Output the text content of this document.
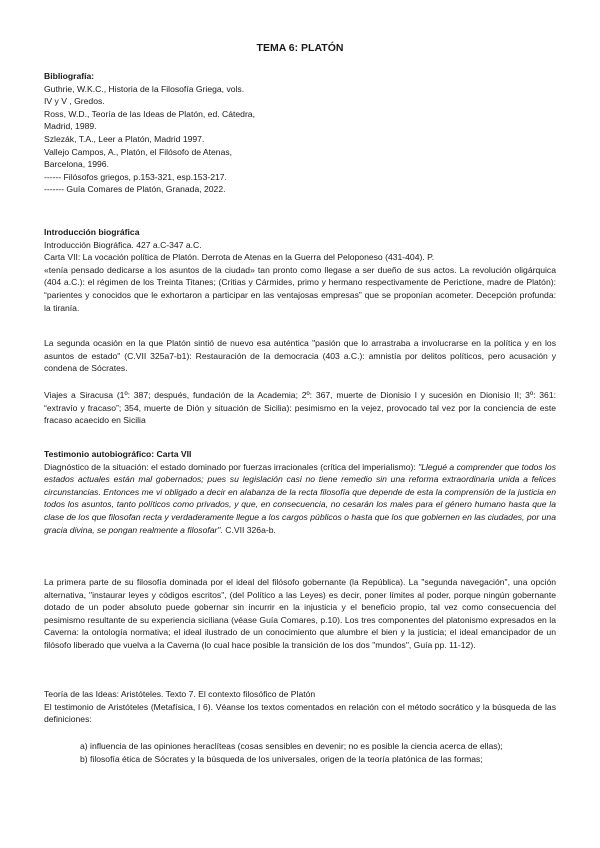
TEMA 6: PLATÓN
Bibliografía:
Guthrie, W.K.C., Historia de la Filosofía Griega, vols.
IV y V , Gredos.
Ross, W.D., Teoría de las Ideas de Platón, ed. Cátedra,
Madrid, 1989.
Szlezák, T.A., Leer a Platón, Madrid 1997.
Vallejo Campos, A., Platón, el Filósofo de Atenas,
Barcelona, 1996.
------ Filósofos griegos, p.153-321, esp.153-217.
------- Guía Comares de Platón, Granada, 2022.
Introducción biográfica
Introducción Biográfica. 427 a.C-347 a.C.
Carta VII: La vocación política de Platón. Derrota de Atenas en la Guerra del Peloponeso (431-404). P.

«tenía pensado dedicarse a los asuntos de la ciudad» tan pronto como llegase a ser dueño de sus actos. La revolución oligárquica (404 a.C.): el régimen de los Treinta Titanes; (Critias y Cármides, primo y hermano respectivamente de Perictíone, madre de Platón): “parientes y conocidos que le exhortaron a participar en las ventajosas empresas” que se proponían acometer. Decepción profunda: la tiranía.

La segunda ocasión en la que Platón sintió de nuevo esa auténtica "pasión que lo arrastraba a involucrarse en la política y en los asuntos de estado" (C.VII 325a7-b1): Restauración de la democracia (403 a.C.): amnistía por delitos políticos, pero acusación y condena de Sócrates.
Viajes a Siracusa (1º: 387; después, fundación de la Academia; 2º: 367, muerte de Dionisio I y sucesión en Dionisio II; 3º: 361: “extravío y fracaso”; 354, muerte de Dión y situación de Sicilia): pesimismo en la vejez, provocado tal vez por la conciencia de este fracaso acaecido en Sicilia
Testimonio autobiográfico: Carta VII

Diagnóstico de la situación: el estado dominado por fuerzas irracionales (crítica del imperialismo): "Llegué a comprender que todos los estados actuales están mal gobernados; pues su legislación casi no tiene remedio sin una reforma extraordinaria unida a felices circunstancias. Entonces me vi obligado a decir en alabanza de la recta filosofía que depende de esta la comprensión de la justicia en todos los asuntos, tanto políticos como privados, y que, en consecuencia, no cesarán los males para el género humano hasta que la clase de los que filosofan recta y verdaderamente llegue a los cargos públicos o hasta que los que gobiernen en las ciudades, por una gracia divina, se pongan realmente a filosofar". C.VII 326a-b.

La primera parte de su filosofía dominada por el ideal del filósofo gobernante (la República). La "segunda navegación", una opción alternativa, "instaurar leyes y códigos escritos", (del Político a las Leyes) es decir, poner límites al poder, porque ningún gobernante dotado de un poder absoluto puede gobernar sin incurrir en la injusticia y el beneficio propio, tal vez como consecuencia del pesimismo resultante de su experiencia siciliana (véase Guía Comares, p.10). Los tres componentes del platonismo expresados en la Caverna: la ontología normativa; el ideal ilustrado de un conocimiento que alumbre el bien y la justicia; el ideal emancipador de un filósofo liberado que vuelva a la Caverna (lo cual hace posible la transición de los dos "mundos", Guía pp. 11-12).
Teoría de las Ideas: Aristóteles. Texto 7. El contexto filosófico de Platón

El testimonio de Aristóteles (Metafísica, I 6). Véanse los textos comentados en relación con el método socrático y la búsqueda de las definiciones:

a) influencia de las opiniones heraclíteas (cosas sensibles en devenir; no es posible la ciencia acerca de ellas);
b) filosofía ética de Sócrates y la búsqueda de los universales, origen de la teoría platónica de las formas;
